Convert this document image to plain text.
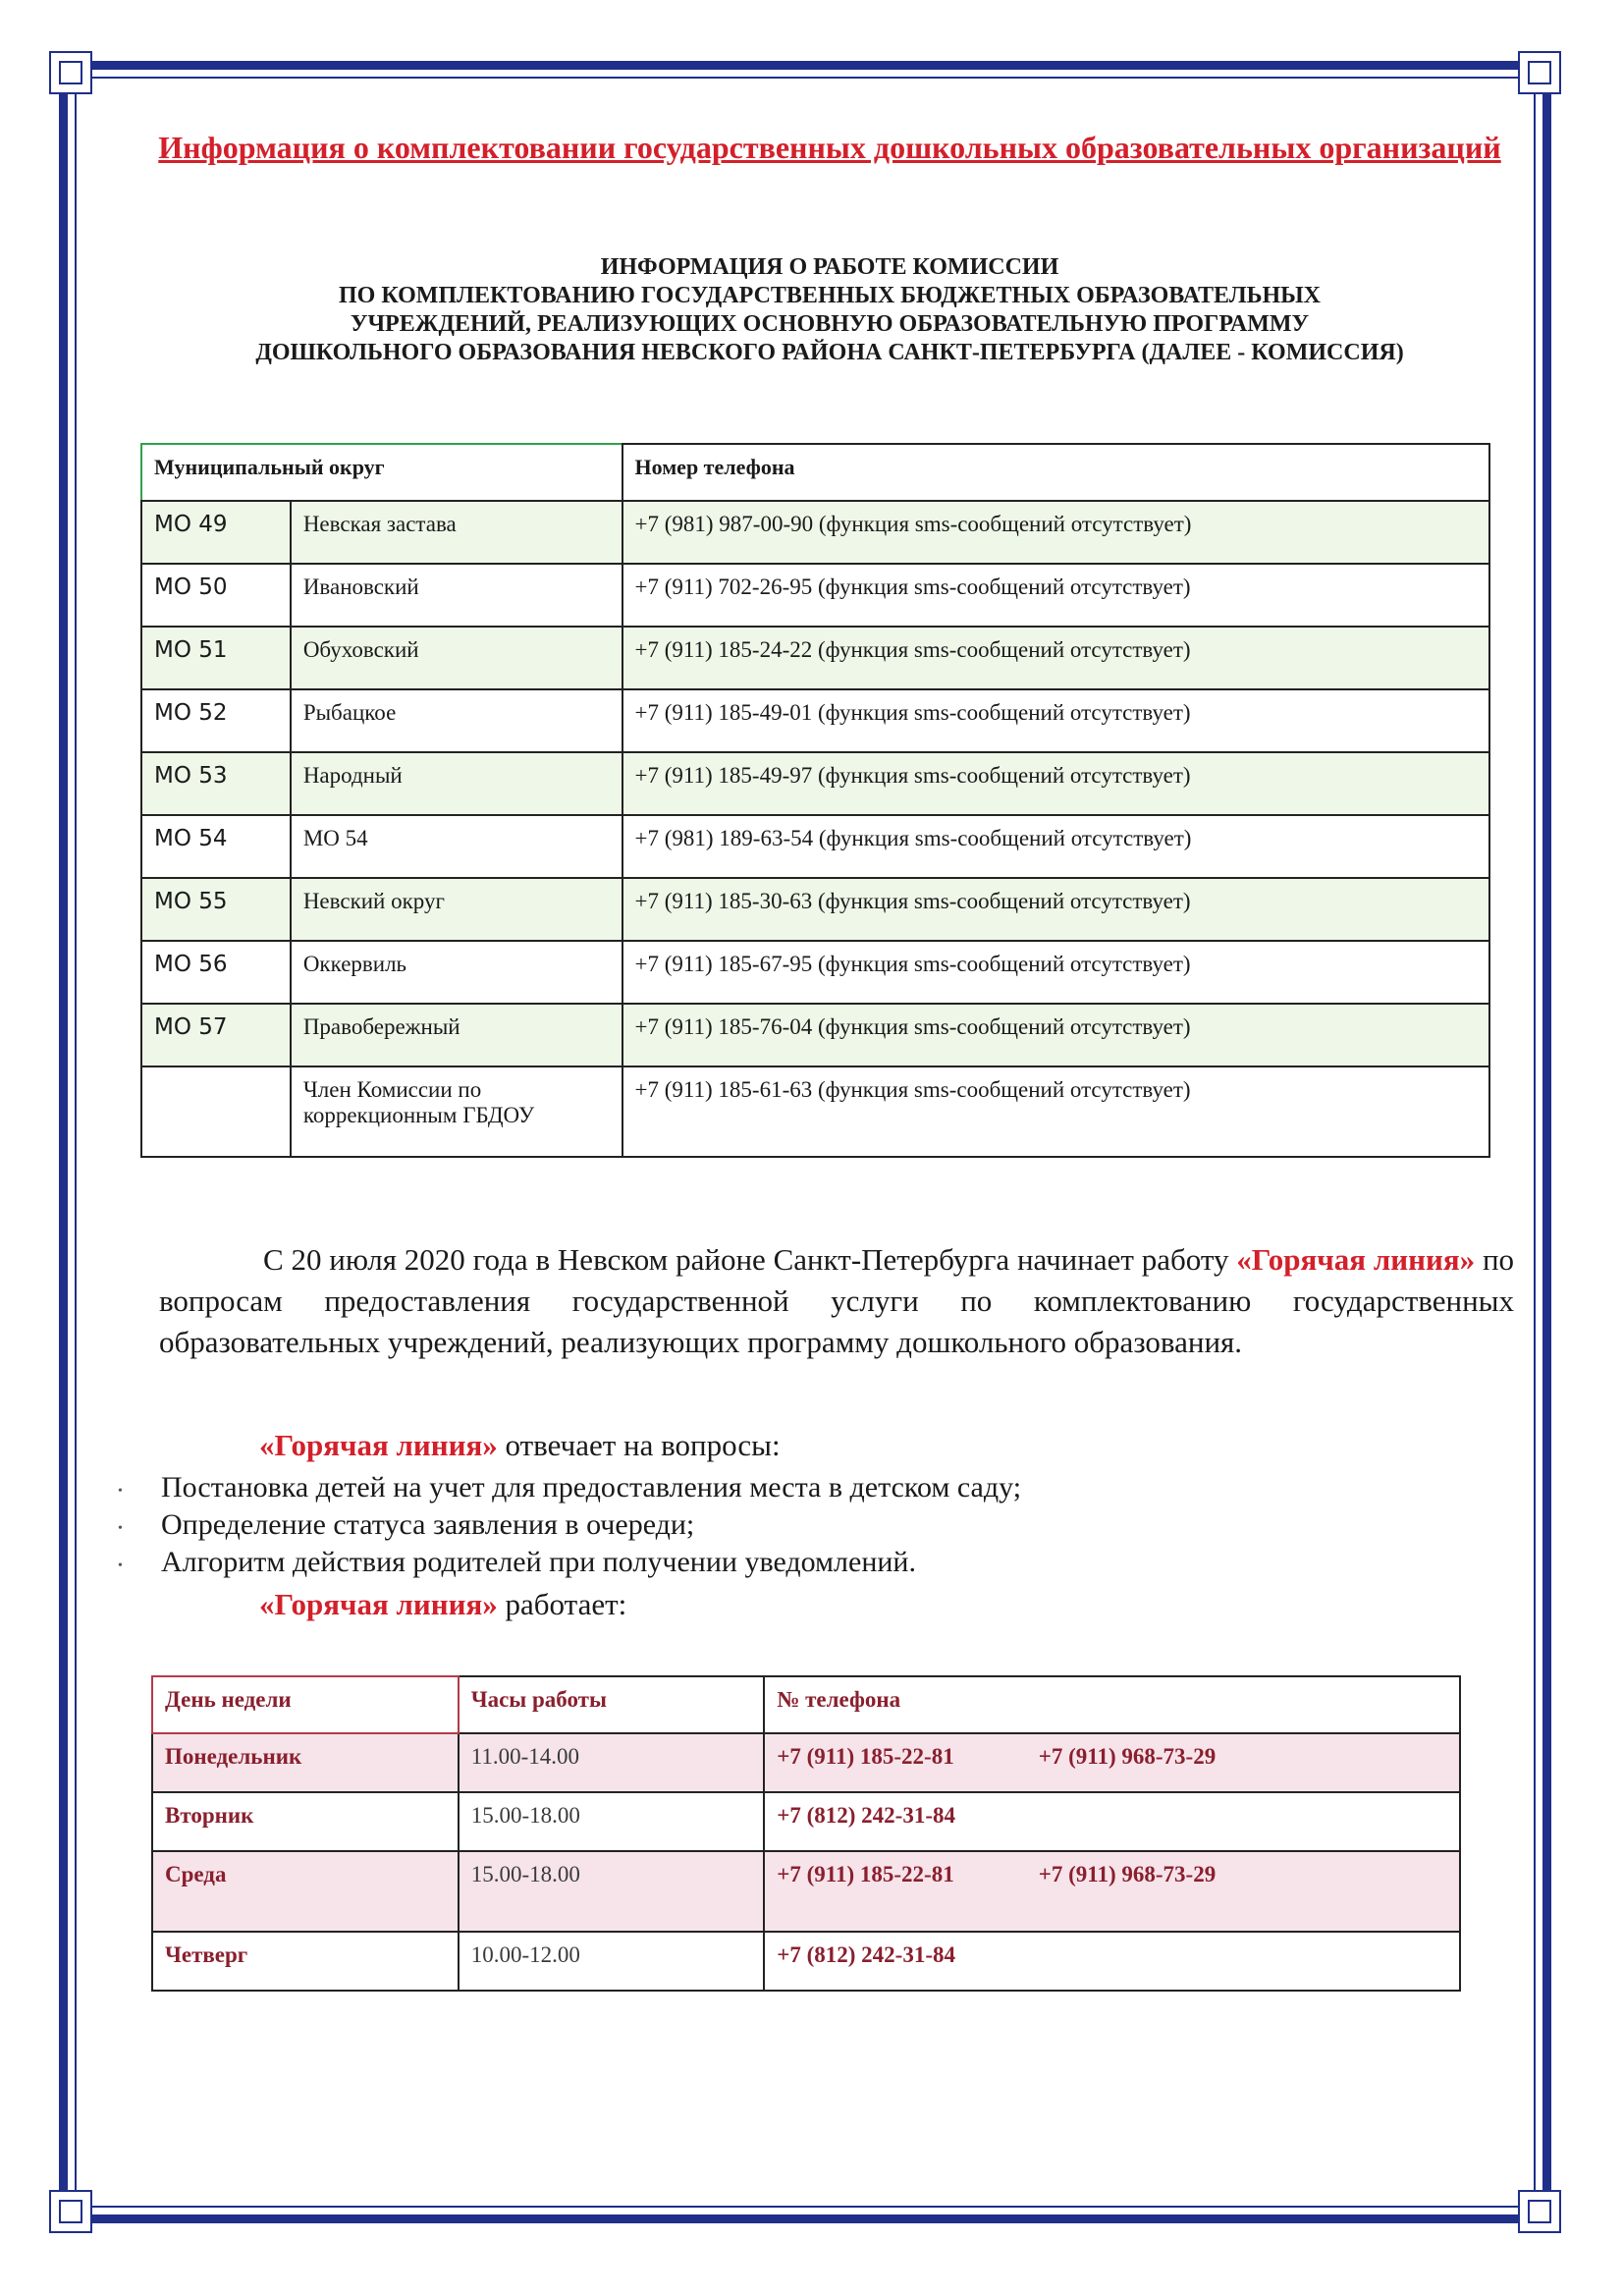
Информация о комплектовании государственных дошкольных образовательных организаций
ИНФОРМАЦИЯ О РАБОТЕ КОМИССИИ
ПО КОМПЛЕКТОВАНИЮ ГОСУДАРСТВЕННЫХ БЮДЖЕТНЫХ ОБРАЗОВАТЕЛЬНЫХ
УЧРЕЖДЕНИЙ, РЕАЛИЗУЮЩИХ ОСНОВНУЮ ОБРАЗОВАТЕЛЬНУЮ ПРОГРАММУ
ДОШКОЛЬНОГО ОБРАЗОВАНИЯ НЕВСКОГО РАЙОНА САНКТ-ПЕТЕРБУРГА (ДАЛЕЕ - КОМИССИЯ)
Муниципальный округ		Номер телефона
МО 49	Невская застава	+7 (981) 987-00-90 (функция sms-сообщений отсутствует)
МО 50	Ивановский	+7 (911) 702-26-95 (функция sms-сообщений отсутствует)
МО 51	Обуховский	+7 (911) 185-24-22 (функция sms-сообщений отсутствует)
МО 52	Рыбацкое	+7 (911) 185-49-01 (функция sms-сообщений отсутствует)
МО 53	Народный	+7 (911) 185-49-97 (функция sms-сообщений отсутствует)
МО 54	МО 54	+7 (981) 189-63-54 (функция sms-сообщений отсутствует)
МО 55	Невский округ	+7 (911) 185-30-63 (функция sms-сообщений отсутствует)
МО 56	Оккервиль	+7 (911) 185-67-95 (функция sms-сообщений отсутствует)
МО 57	Правобережный	+7 (911) 185-76-04 (функция sms-сообщений отсутствует)
	Член Комиссии по коррекционным ГБДОУ	+7 (911) 185-61-63 (функция sms-сообщений отсутствует)

С 20 июля 2020 года в Невском районе Санкт-Петербурга начинает работу «Горячая линия» по вопросам предоставления государственной услуги по комплектованию государственных образовательных учреждений, реализующих программу дошкольного образования.

«Горячая линия» отвечает на вопросы:

• Постановка детей на учет для предоставления места в детском саду;
• Определение статуса заявления в очереди;
• Алгоритм действия родителей при получении уведомлений.

«Горячая линия» работает:

День недели	Часы работы	№ телефона
Понедельник	11.00-14.00	+7 (911) 185-22-81 +7 (911) 968-73-29
Вторник	15.00-18.00	+7 (812) 242-31-84
Среда	15.00-18.00	+7 (911) 185-22-81 +7 (911) 968-73-29
Четверг	10.00-12.00	+7 (812) 242-31-84
